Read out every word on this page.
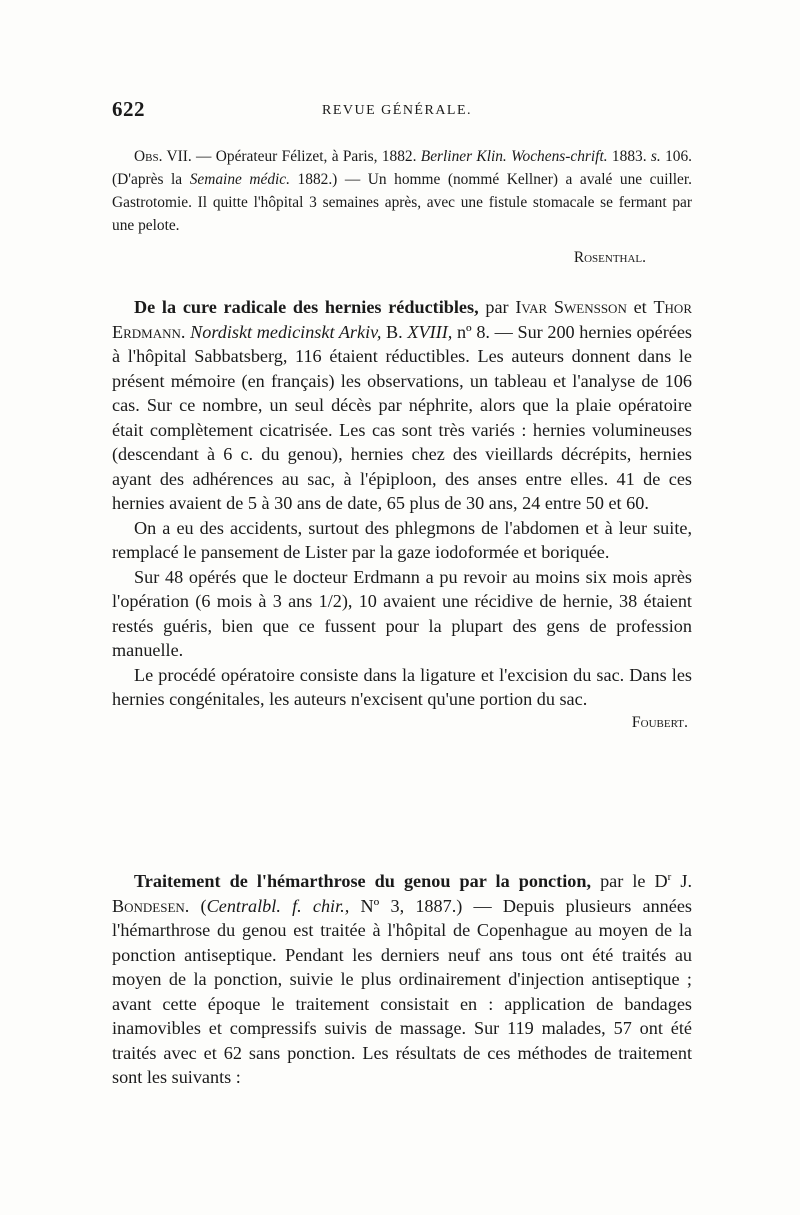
622	REVUE GÉNÉRALE.

Obs. VII. — Opérateur Félizet, à Paris, 1882. Berliner Klin. Wochens-chrift. 1883. s. 106. (D'après la Semaine médic. 1882.) — Un homme (nommé Kellner) a avalé une cuiller. Gastrotomie. Il quitte l'hôpital 3 semaines après, avec une fistule stomacale se fermant par une pelote.

Rosenthal.

De la cure radicale des hernies réductibles, par Ivar Swensson et Thor Erdmann. Nordiskt medicinskt Arkiv, B. XVIII, nº 8. — Sur 200 hernies opérées à l'hôpital Sabbatsberg, 116 étaient réductibles. Les auteurs donnent dans le présent mémoire (en français) les observations, un tableau et l'analyse de 106 cas. Sur ce nombre, un seul décès par néphrite, alors que la plaie opératoire était complètement cicatrisée. Les cas sont très variés : hernies volumineuses (descendant à 6 c. du genou), hernies chez des vieillards décrépits, hernies ayant des adhérences au sac, à l'épiploon, des anses entre elles. 41 de ces hernies avaient de 5 à 30 ans de date, 65 plus de 30 ans, 24 entre 50 et 60.

On a eu des accidents, surtout des phlegmons de l'abdomen et à leur suite, remplacé le pansement de Lister par la gaze iodoformée et boriquée.

Sur 48 opérés que le docteur Erdmann a pu revoir au moins six mois après l'opération (6 mois à 3 ans 1/2), 10 avaient une récidive de hernie, 38 étaient restés guéris, bien que ce fussent pour la plupart des gens de profession manuelle.

Le procédé opératoire consiste dans la ligature et l'excision du sac. Dans les hernies congénitales, les auteurs n'excisent qu'une portion du sac.

Foubert.

Traitement de l'hémarthrose du genou par la ponction, par le $D^r$ J. Bondesen. (Centralbl. f. chir., Nº 3, 1887.) — Depuis plusieurs années l'hémarthrose du genou est traitée à l'hôpital de Copenhague au moyen de la ponction antiseptique. Pendant les derniers neuf ans tous ont été traités au moyen de la ponction, suivie le plus ordinairement d'injection antiseptique ; avant cette époque le traitement consistait en : application de bandages inamovibles et compressifs suivis de massage. Sur 119 malades, 57 ont été traités avec et 62 sans ponction. Les résultats de ces méthodes de traitement sont les suivants :
